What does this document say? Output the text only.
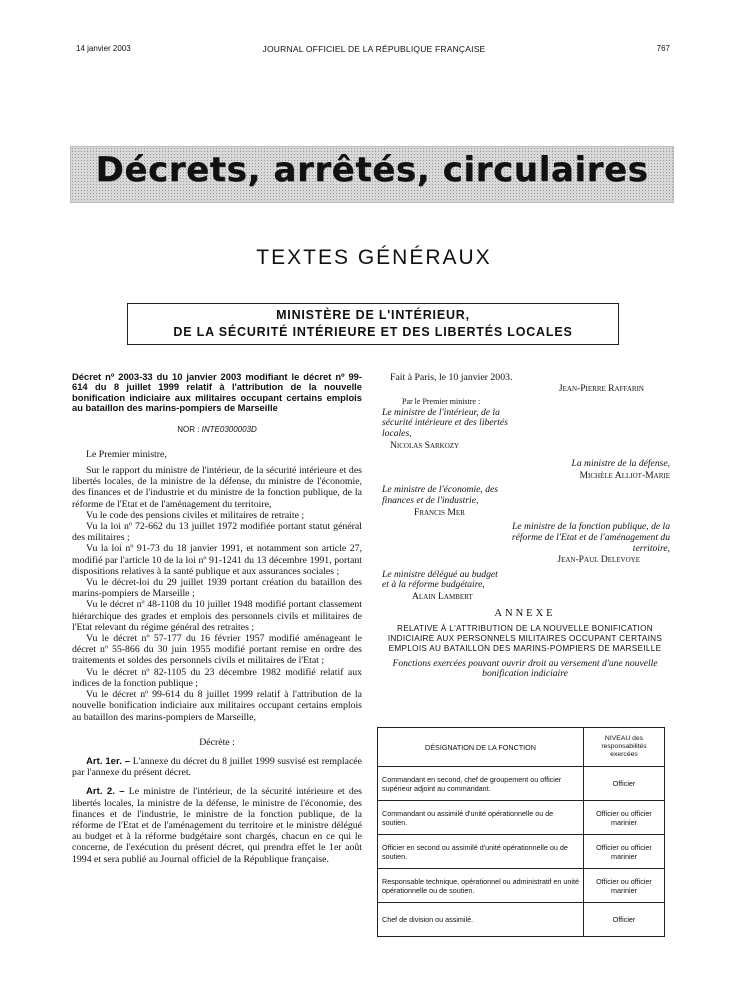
14 janvier 2003	JOURNAL OFFICIEL DE LA RÉPUBLIQUE FRANÇAISE	767
Décrets, arrêtés, circulaires
TEXTES GÉNÉRAUX
MINISTÈRE DE L'INTÉRIEUR,
DE LA SÉCURITÉ INTÉRIEURE ET DES LIBERTÉS LOCALES
Décret nº 2003-33 du 10 janvier 2003 modifiant le décret nº 99-614 du 8 juillet 1999 relatif à l'attribution de la nouvelle bonification indiciaire aux militaires occupant certains emplois au bataillon des marins-pompiers de Marseille
NOR : INTE0300003D

Le Premier ministre,

Sur le rapport du ministre de l'intérieur, de la sécurité intérieure et des libertés locales, de la ministre de la défense, du ministre de l'économie, des finances et de l'industrie et du ministre de la fonction publique, de la réforme de l'Etat et de l'aménagement du territoire,

Vu le code des pensions civiles et militaires de retraite ;

Vu la loi nº 72-662 du 13 juillet 1972 modifiée portant statut général des militaires ;

Vu la loi nº 91-73 du 18 janvier 1991, et notamment son article 27, modifié par l'article 10 de la loi nº 91-1241 du 13 décembre 1991, portant dispositions relatives à la santé publique et aux assurances sociales ;

Vu le décret-loi du 29 juillet 1939 portant création du bataillon des marins-pompiers de Marseille ;

Vu le décret nº 48-1108 du 10 juillet 1948 modifié portant classement hiérarchique des grades et emplois des personnels civils et militaires de l'Etat relevant du régime général des retraites ;

Vu le décret nº 57-177 du 16 février 1957 modifié aménageant le décret nº 55-866 du 30 juin 1955 modifié portant remise en ordre des traitements et soldes des personnels civils et militaires de l'Etat ;

Vu le décret nº 82-1105 du 23 décembre 1982 modifié relatif aux indices de la fonction publique ;

Vu le décret nº 99-614 du 8 juillet 1999 relatif à l'attribution de la nouvelle bonification indiciaire aux militaires occupant certains emplois au bataillon des marins-pompiers de Marseille,

Décrète :

Art. 1er. – L'annexe du décret du 8 juillet 1999 susvisé est remplacée par l'annexe du présent décret.

Art. 2. – Le ministre de l'intérieur, de la sécurité intérieure et des libertés locales, la ministre de la défense, le ministre de l'économie, des finances et de l'industrie, le ministre de la fonction publique, de la réforme de l'Etat et de l'aménagement du territoire et le ministre délégué au budget et à la réforme budgétaire sont chargés, chacun en ce qui le concerne, de l'exécution du présent décret, qui prendra effet le 1er août 1994 et sera publié au Journal officiel de la République française.

Fait à Paris, le 10 janvier 2003.
Jean-Pierre Raffarin
Par le Premier ministre :
Le ministre de l'intérieur, de la sécurité intérieure et des libertés locales,
Nicolas Sarkozy
La ministre de la défense,
Michèle Alliot-Marie
Le ministre de l'économie, des finances et de l'industrie,
Francis Mer
Le ministre de la fonction publique, de la réforme de l'Etat et de l'aménagement du territoire,
Jean-Paul Delevoye
Le ministre délégué au budget et à la réforme budgétaire,
Alain Lambert
ANNEXE
RELATIVE À L'ATTRIBUTION DE LA NOUVELLE BONIFICATION INDICIAIRE AUX PERSONNELS MILITAIRES OCCUPANT CERTAINS EMPLOIS AU BATAILLON DES MARINS-POMPIERS DE MARSEILLE
Fonctions exercées pouvant ouvrir droit au versement d'une nouvelle bonification indiciaire
DÉSIGNATION DE LA FONCTION	NIVEAU des responsabilités exercées
Commandant en second, chef de groupement ou officier supérieur adjoint au commandant.	Officier
Commandant ou assimilé d'unité opérationnelle ou de soutien.	Officier ou officier marinier
Officier en second ou assimilé d'unité opérationnelle ou de soutien.	Officier ou officier marinier
Responsable technique, opérationnel ou administratif en unité opérationnelle ou de soutien.	Officier ou officier marinier
Chef de division ou assimilé.	Officier
